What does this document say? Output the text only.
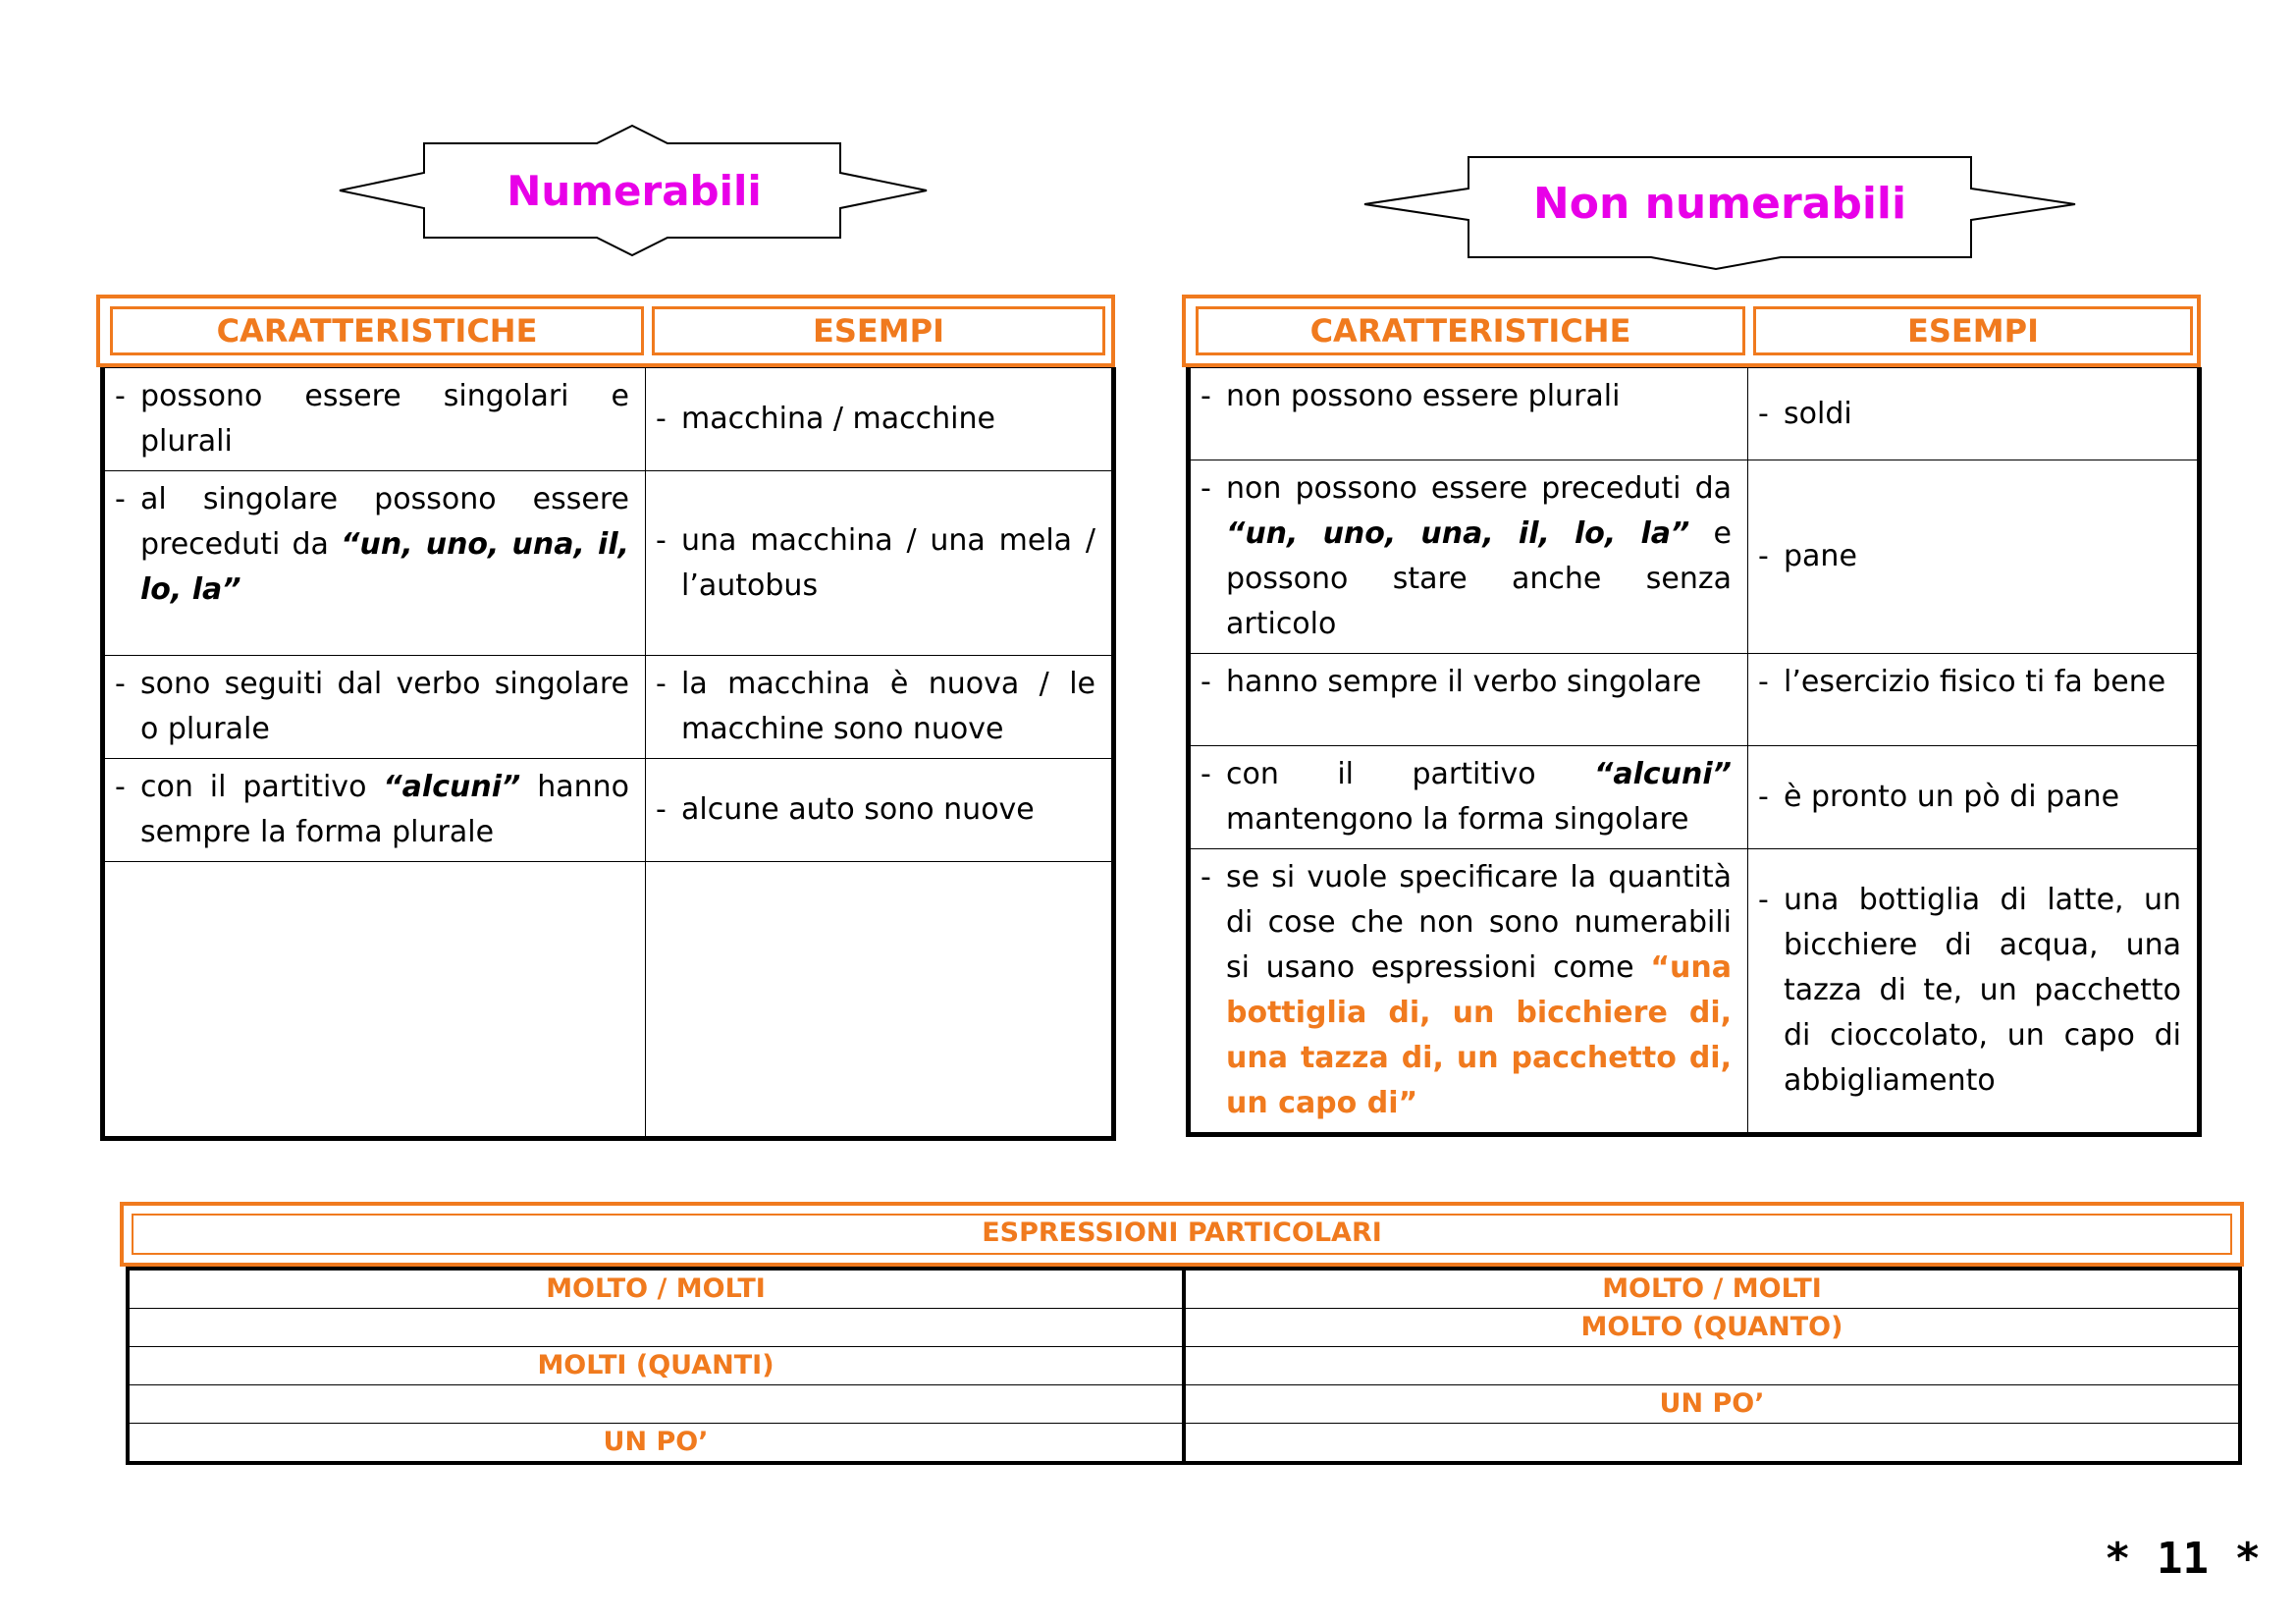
Numerabili	Non numerabili
CARATTERISTICHE	ESEMPI
- possono essere singolari e plurali	- macchina / macchine

- al singolare possono essere preceduti da “un, uno, una, il, lo, la”	- una macchina / una mela / l’autobus

- sono seguiti dal verbo singolare o plurale	- la macchina è nuova / le macchine sono nuove

- con il partitivo “alcuni” hanno sempre la forma plurale	- alcune auto sono nuove

CARATTERISTICHE	ESEMPI
- non possono essere plurali	- soldi

- non possono essere preceduti da “un, uno, una, il, lo, la” e possono stare anche senza articolo	- pane

- hanno sempre il verbo singolare	- l’esercizio fisico ti fa bene

- con il partitivo “alcuni” mantengono la forma singolare	- è pronto un pò di pane

- se si vuole specificare la quantità di cose che non sono numerabili si usano espressioni come “una bottiglia di, un bicchiere di, una tazza di, un pacchetto di, un capo di”	- una bottiglia di latte, un bicchiere di acqua, una tazza di te, un pacchetto di cioccolato, un capo di abbigliamento
ESPRESSIONI PARTICOLARI
MOLTO / MOLTI	MOLTO / MOLTI
	MOLTO (QUANTO)
MOLTI (QUANTI)	
	UN PO’
UN PO’	
* 11 *
